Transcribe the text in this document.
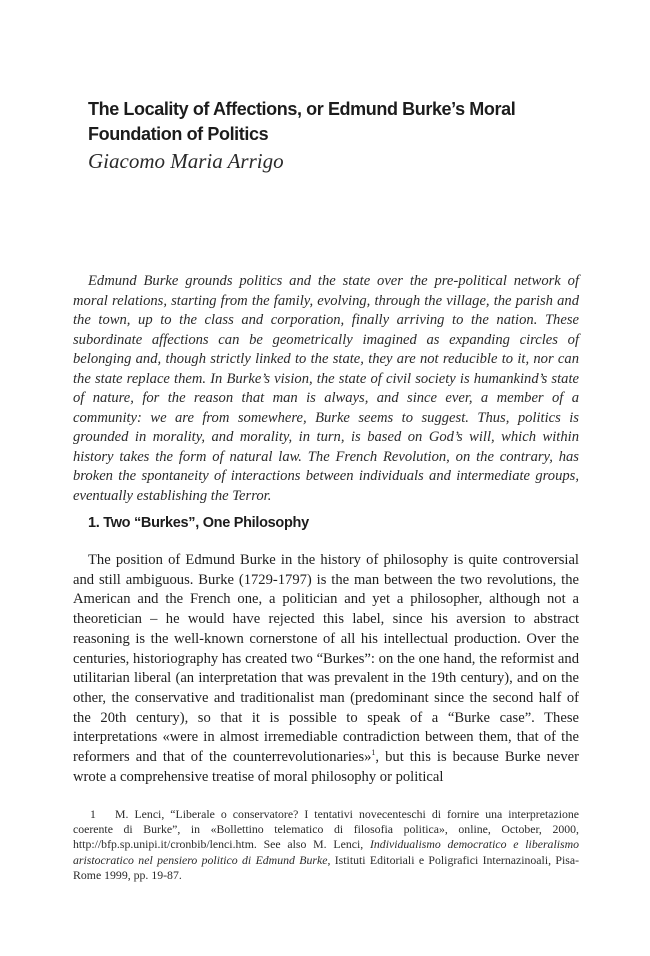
The Locality of Affections, or Edmund Burke’s Moral Foundation of Politics

Giacomo Maria Arrigo

Edmund Burke grounds politics and the state over the pre-political network of moral relations, starting from the family, evolving, through the village, the parish and the town, up to the class and corporation, finally arriving to the nation. These subordinate affections can be geometrically imagined as expanding circles of belonging and, though strictly linked to the state, they are not reducible to it, nor can the state replace them. In Burke’s vision, the state of civil society is humankind’s state of nature, for the reason that man is always, and since ever, a member of a community: we are from somewhere, Burke seems to suggest. Thus, politics is grounded in morality, and morality, in turn, is based on God’s will, which within history takes the form of natural law. The French Revolution, on the contrary, has broken the spontaneity of interactions between individuals and intermediate groups, eventually establishing the Terror.

1. Two “Burkes”, One Philosophy

The position of Edmund Burke in the history of philosophy is quite controversial and still ambiguous. Burke (1729-1797) is the man between the two revolutions, the American and the French one, a politician and yet a philosopher, although not a theoretician – he would have rejected this label, since his aversion to abstract reasoning is the well-known cornerstone of all his intellectual production. Over the centuries, historiography has created two “Burkes”: on the one hand, the reformist and utilitarian liberal (an interpretation that was prevalent in the 19th century), and on the other, the conservative and traditionalist man (predominant since the second half of the 20th century), so that it is possible to speak of a “Burke case”. These interpretations «were in almost irremediable contradiction between them, that of the reformers and that of the counterrevolutionaries»$^1$, but this is because Burke never wrote a comprehensive treatise of moral philosophy or political

1 M. Lenci, “Liberale o conservatore? I tentativi novecenteschi di fornire una interpretazione coerente di Burke”, in «Bollettino telematico di filosofia politica», online, October, 2000, http://bfp.sp.unipi.it/cronbib/lenci.htm. See also M. Lenci, Individualismo democratico e liberalismo aristocratico nel pensiero politico di Edmund Burke, Istituti Editoriali e Poligrafici Internazinoali, Pisa-Rome 1999, pp. 19-87.
